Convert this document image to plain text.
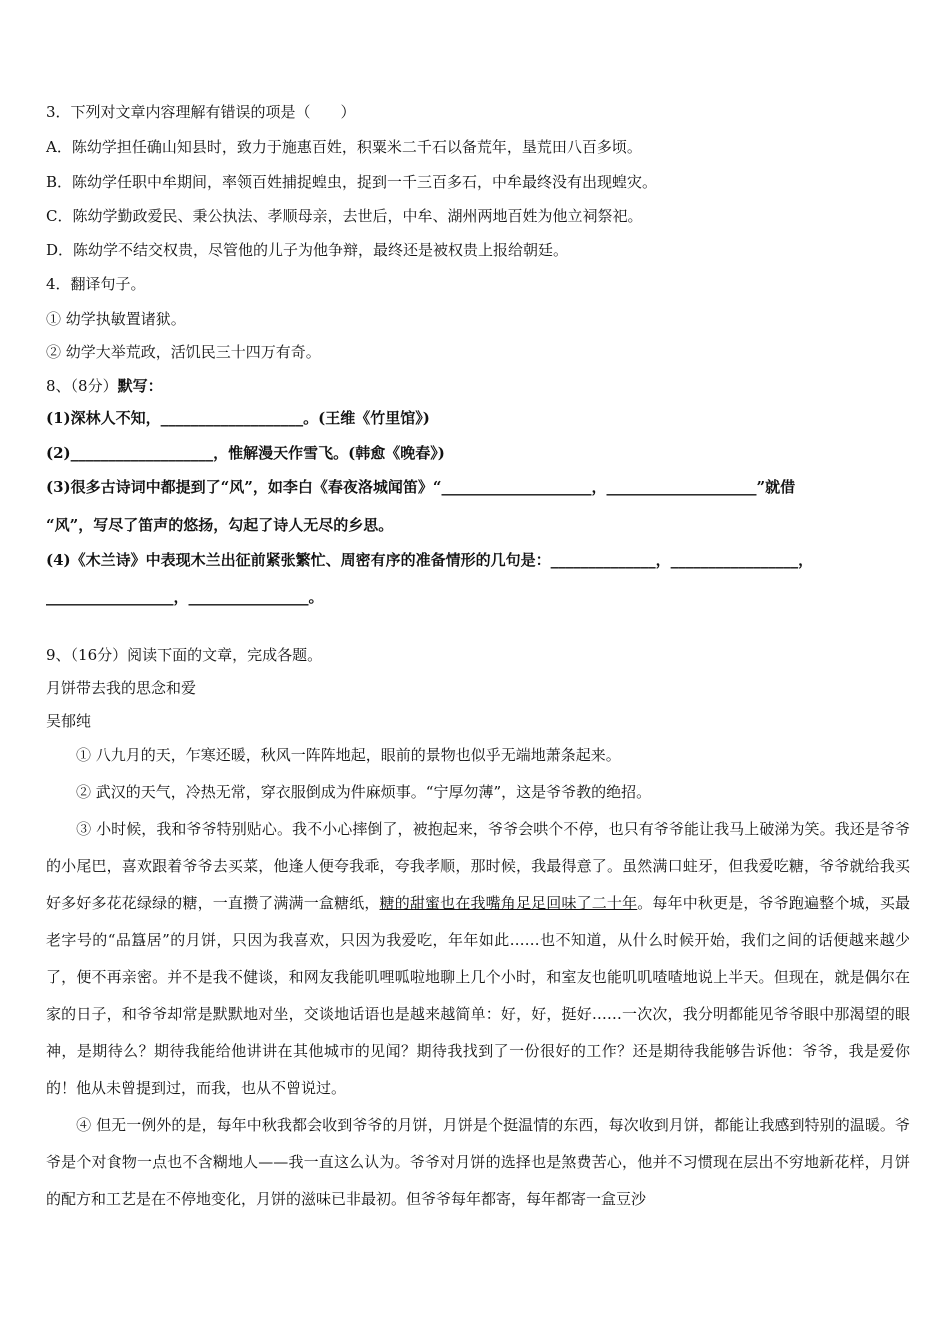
3．下列对文章内容理解有错误的项是（　　）
A．陈幼学担任确山知县时，致力于施惠百姓，积粟米二千石以备荒年，垦荒田八百多顷。
B．陈幼学任职中牟期间，率领百姓捕捉蝗虫，捉到一千三百多石，中牟最终没有出现蝗灾。
C．陈幼学勤政爱民、秉公执法、孝顺母亲，去世后，中牟、湖州两地百姓为他立祠祭祀。
D．陈幼学不结交权贵，尽管他的儿子为他争辩，最终还是被权贵上报给朝廷。
4．翻译句子。
① 幼学执敏置诸狱。
② 幼学大举荒政，活饥民三十四万有奇。
8、（8分）默写：
(1)深林人不知，___________________。(王维《竹里馆》)
(2)___________________，惟解漫天作雪飞。(韩愈《晚春》)
(3)很多古诗词中都提到了“风”，如李白《春夜洛城闻笛》“____________________，____________________”就借
“风”，写尽了笛声的悠扬，勾起了诗人无尽的乡思。
(4)《木兰诗》中表现木兰出征前紧张繁忙、周密有序的准备情形的几句是：______________，_________________，
_________________，________________。
9、（16分）阅读下面的文章，完成各题。
月饼带去我的思念和爱
吴郁纯

　　① 八九月的天，乍寒还暖，秋风一阵阵地起，眼前的景物也似乎无端地萧条起来。

　　② 武汉的天气，冷热无常，穿衣服倒成为件麻烦事。“宁厚勿薄”，这是爷爷教的绝招。

　　③ 小时候，我和爷爷特别贴心。我不小心摔倒了，被抱起来，爷爷会哄个不停，也只有爷爷能让我马上破涕为笑。我还是爷爷的小尾巴，喜欢跟着爷爷去买菜，他逢人便夸我乖，夸我孝顺，那时候，我最得意了。虽然满口蛀牙，但我爱吃糖，爷爷就给我买好多好多花花绿绿的糖，一直攒了满满一盒糖纸，糖的甜蜜也在我嘴角足足回味了二十年。每年中秋更是，爷爷跑遍整个城，买最老字号的“品簋居”的月饼，只因为我喜欢，只因为我爱吃，年年如此……也不知道，从什么时候开始，我们之间的话便越来越少了，便不再亲密。并不是我不健谈，和网友我能叽哩呱啦地聊上几个小时，和室友也能叽叽喳喳地说上半天。但现在，就是偶尔在家的日子，和爷爷却常是默默地对坐，交谈地话语也是越来越简单：好，好，挺好……一次次，我分明都能见爷爷眼中那渴望的眼神，是期待么？期待我能给他讲讲在其他城市的见闻？期待我找到了一份很好的工作？还是期待我能够告诉他：爷爷，我是爱你的！他从未曾提到过，而我，也从不曾说过。

　　④ 但无一例外的是，每年中秋我都会收到爷爷的月饼，月饼是个挺温情的东西，每次收到月饼，都能让我感到特别的温暖。爷爷是个对食物一点也不含糊地人——我一直这么认为。爷爷对月饼的选择也是煞费苦心，他并不习惯现在层出不穷地新花样，月饼的配方和工艺是在不停地变化，月饼的滋味已非最初。但爷爷每年都寄，每年都寄一盒豆沙
